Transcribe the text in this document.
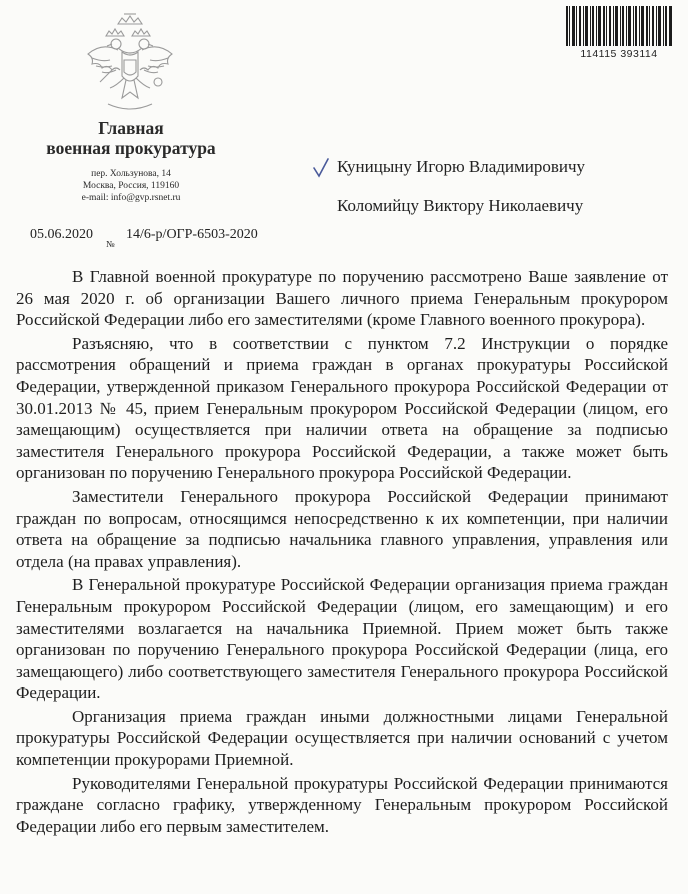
Главная
военная прокуратура
пер. Хользунова, 14
Москва, Россия, 119160
e-mail: info@gvp.rsnet.ru
05.06.2020
№
14/6-р/ОГР-6503-2020
114115 393114
Куницыну Игорю Владимировичу
Коломийцу Виктору Николаевичу

В Главной военной прокуратуре по поручению рассмотрено Ваше заявление от 26 мая 2020 г. об организации Вашего личного приема Генеральным прокурором Российской Федерации либо его заместителями (кроме Главного военного прокурора).

Разъясняю, что в соответствии с пунктом 7.2 Инструкции о порядке рассмотрения обращений и приема граждан в органах прокуратуры Российской Федерации, утвержденной приказом Генерального прокурора Российской Федерации от 30.01.2013 № 45, прием Генеральным прокурором Российской Федерации (лицом, его замещающим) осуществляется при наличии ответа на обращение за подписью заместителя Генерального прокурора Российской Федерации, а также может быть организован по поручению Генерального прокурора Российской Федерации.

Заместители Генерального прокурора Российской Федерации принимают граждан по вопросам, относящимся непосредственно к их компетенции, при наличии ответа на обращение за подписью начальника главного управления, управления или отдела (на правах управления).

В Генеральной прокуратуре Российской Федерации организация приема граждан Генеральным прокурором Российской Федерации (лицом, его замещающим) и его заместителями возлагается на начальника Приемной. Прием может быть также организован по поручению Генерального прокурора Российской Федерации (лица, его замещающего) либо соответствующего заместителя Генерального прокурора Российской Федерации.

Организация приема граждан иными должностными лицами Генеральной прокуратуры Российской Федерации осуществляется при наличии оснований с учетом компетенции прокурорами Приемной.

Руководителями Генеральной прокуратуры Российской Федерации принимаются граждане согласно графику, утвержденному Генеральным прокурором Российской Федерации либо его первым заместителем.
